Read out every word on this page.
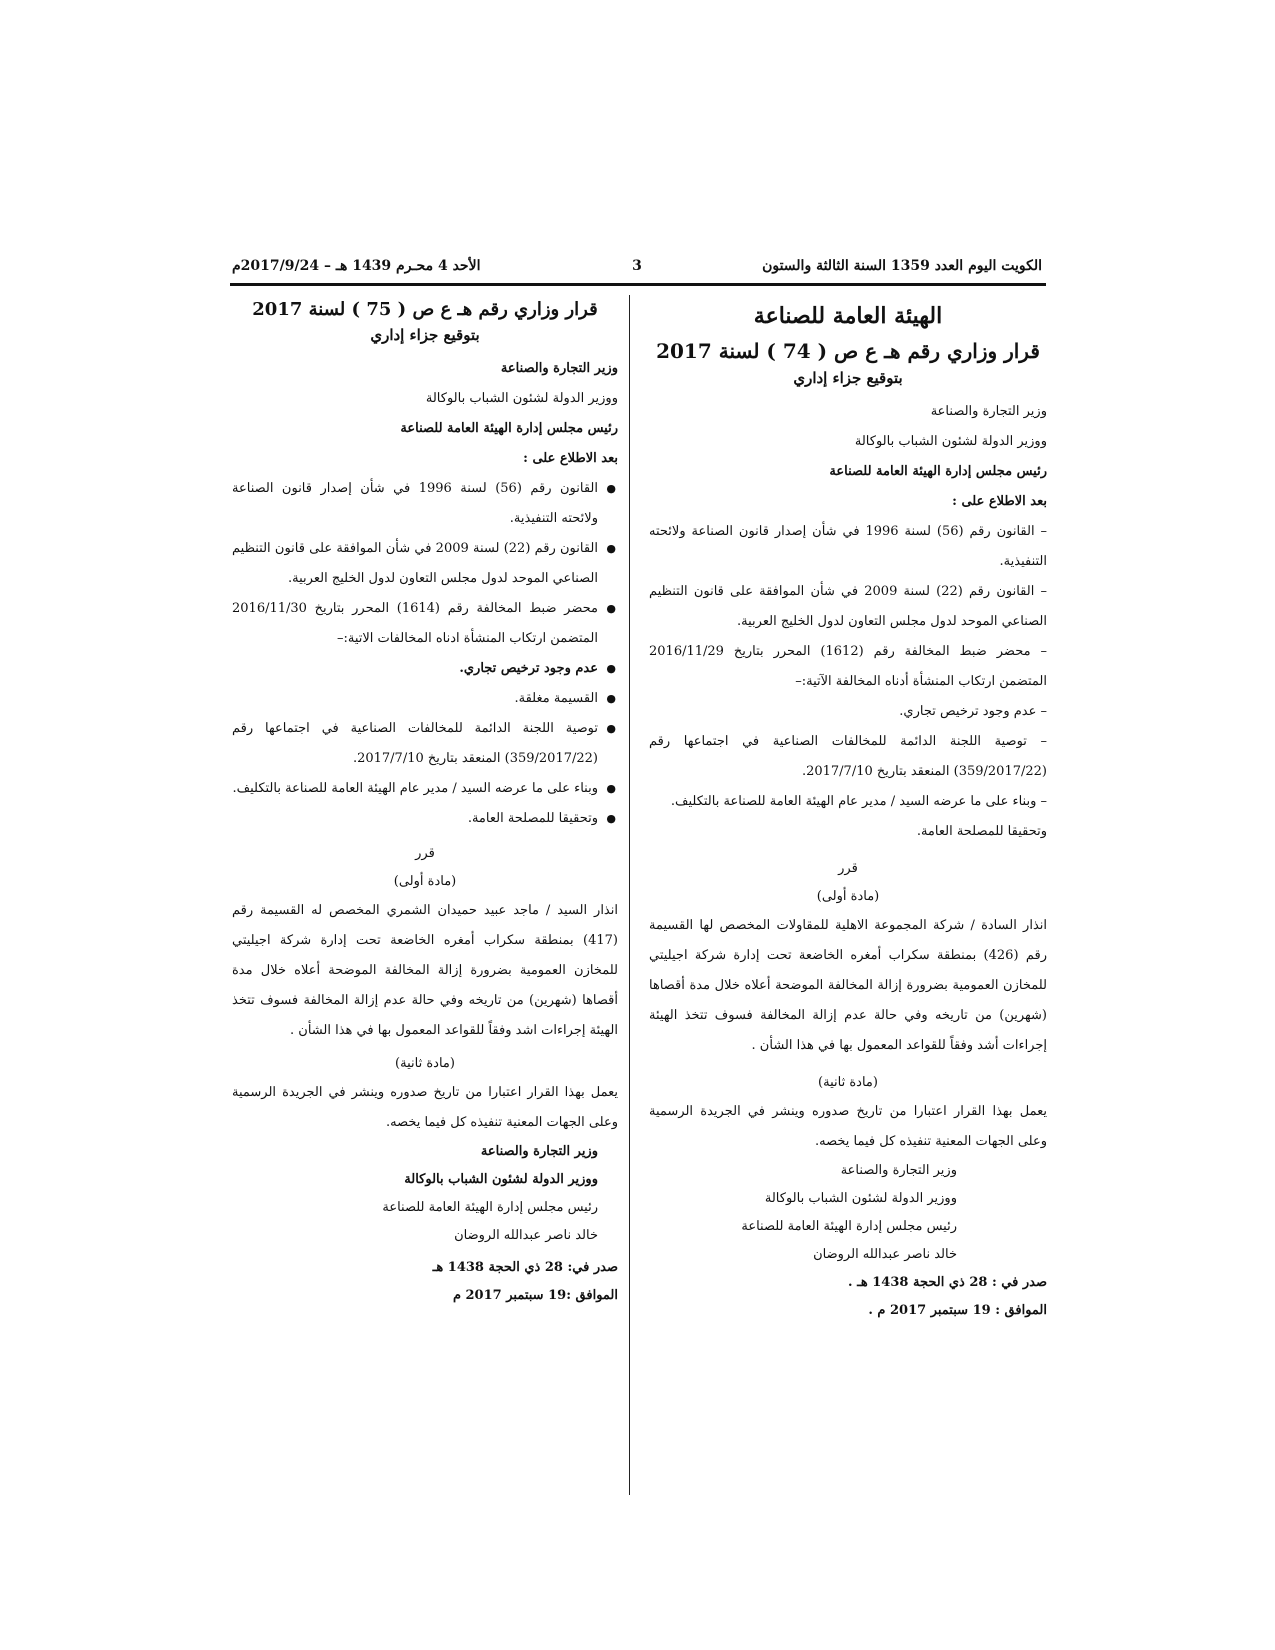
الكويت اليوم العدد 1359 السنة الثالثة والستون
3
الأحد 4 محـرم 1439 هـ – 2017/9/24م
الهيئة العامة للصناعة
قرار وزاري رقم هـ ع ص ( 74 ) لسنة 2017
بتوقيع جزاء إداري

وزير التجارة والصناعة

ووزير الدولة لشئون الشباب بالوكالة

رئيس مجلس إدارة الهيئة العامة للصناعة

بعد الاطلاع على :

– القانون رقم (56) لسنة 1996 في شأن إصدار قانون الصناعة ولائحته التنفيذية.

– القانون رقم (22) لسنة 2009 في شأن الموافقة على قانون التنظيم الصناعي الموحد لدول مجلس التعاون لدول الخليج العربية.

– محضر ضبط المخالفة رقم (1612) المحرر بتاريخ 2016/11/29 المتضمن ارتكاب المنشأة أدناه المخالفة الآتية:–

– عدم وجود ترخيص تجاري.

– توصية اللجنة الدائمة للمخالفات الصناعية في اجتماعها رقم (359/2017/22) المنعقد بتاريخ 2017/7/10.

– وبناء على ما عرضه السيد / مدير عام الهيئة العامة للصناعة بالتكليف.

وتحقيقا للمصلحة العامة.

قرر

(مادة أولى)

انذار السادة / شركة المجموعة الاهلية للمقاولات المخصص لها القسيمة رقم (426) بمنطقة سكراب أمغره الخاضعة تحت إدارة شركة اجيليتي للمخازن العمومية بضرورة إزالة المخالفة الموضحة أعلاه خلال مدة أقصاها (شهرين) من تاريخه وفي حالة عدم إزالة المخالفة فسوف تتخذ الهيئة إجراءات أشد وفقاً للقواعد المعمول بها في هذا الشأن .

(مادة ثانية)

يعمل بهذا القرار اعتبارا من تاريخ صدوره وينشر في الجريدة الرسمية وعلى الجهات المعنية تنفيذه كل فيما يخصه.

وزير التجارة والصناعة

ووزير الدولة لشئون الشباب بالوكالة

رئيس مجلس إدارة الهيئة العامة للصناعة

خالد ناصر عبدالله الروضان

صدر في : 28 ذي الحجة 1438 هـ .

الموافق : 19 سبتمبر 2017 م .

قرار وزاري رقم هـ ع ص ( 75 ) لسنة 2017
بتوقيع جزاء إداري

وزير التجارة والصناعة

ووزير الدولة لشئون الشباب بالوكالة

رئيس مجلس إدارة الهيئة العامة للصناعة

بعد الاطلاع على :

●
القانون رقم (56) لسنة 1996 في شأن إصدار قانون الصناعة ولائحته التنفيذية.
●
القانون رقم (22) لسنة 2009 في شأن الموافقة على قانون التنظيم الصناعي الموحد لدول مجلس التعاون لدول الخليج العربية.
●
محضر ضبط المخالفة رقم (1614) المحرر بتاريخ 2016/11/30 المتضمن ارتكاب المنشأة ادناه المخالفات الاتية:–
●
عدم وجود ترخيص تجاري.
●
القسيمة مغلقة.
●
توصية اللجنة الدائمة للمخالفات الصناعية في اجتماعها رقم (359/2017/22) المنعقد بتاريخ 2017/7/10.
●
وبناء على ما عرضه السيد / مدير عام الهيئة العامة للصناعة بالتكليف.
●
وتحقيقا للمصلحة العامة.

قرر

(مادة أولى)

انذار السيد / ماجد عبيد حميدان الشمري المخصص له القسيمة رقم (417) بمنطقة سكراب أمغره الخاضعة تحت إدارة شركة اجيليتي للمخازن العمومية بضرورة إزالة المخالفة الموضحة أعلاه خلال مدة أقصاها (شهرين) من تاريخه وفي حالة عدم إزالة المخالفة فسوف تتخذ الهيئة إجراءات اشد وفقاً للقواعد المعمول بها في هذا الشأن .

(مادة ثانية)

يعمل بهذا القرار اعتبارا من تاريخ صدوره وينشر في الجريدة الرسمية وعلى الجهات المعنية تنفيذه كل فيما يخصه.

وزير التجارة والصناعة

ووزير الدولة لشئون الشباب بالوكالة

رئيس مجلس إدارة الهيئة العامة للصناعة

خالد ناصر عبدالله الروضان

صدر في: 28 ذي الحجة 1438 هـ

الموافق :19 سبتمبر 2017 م
